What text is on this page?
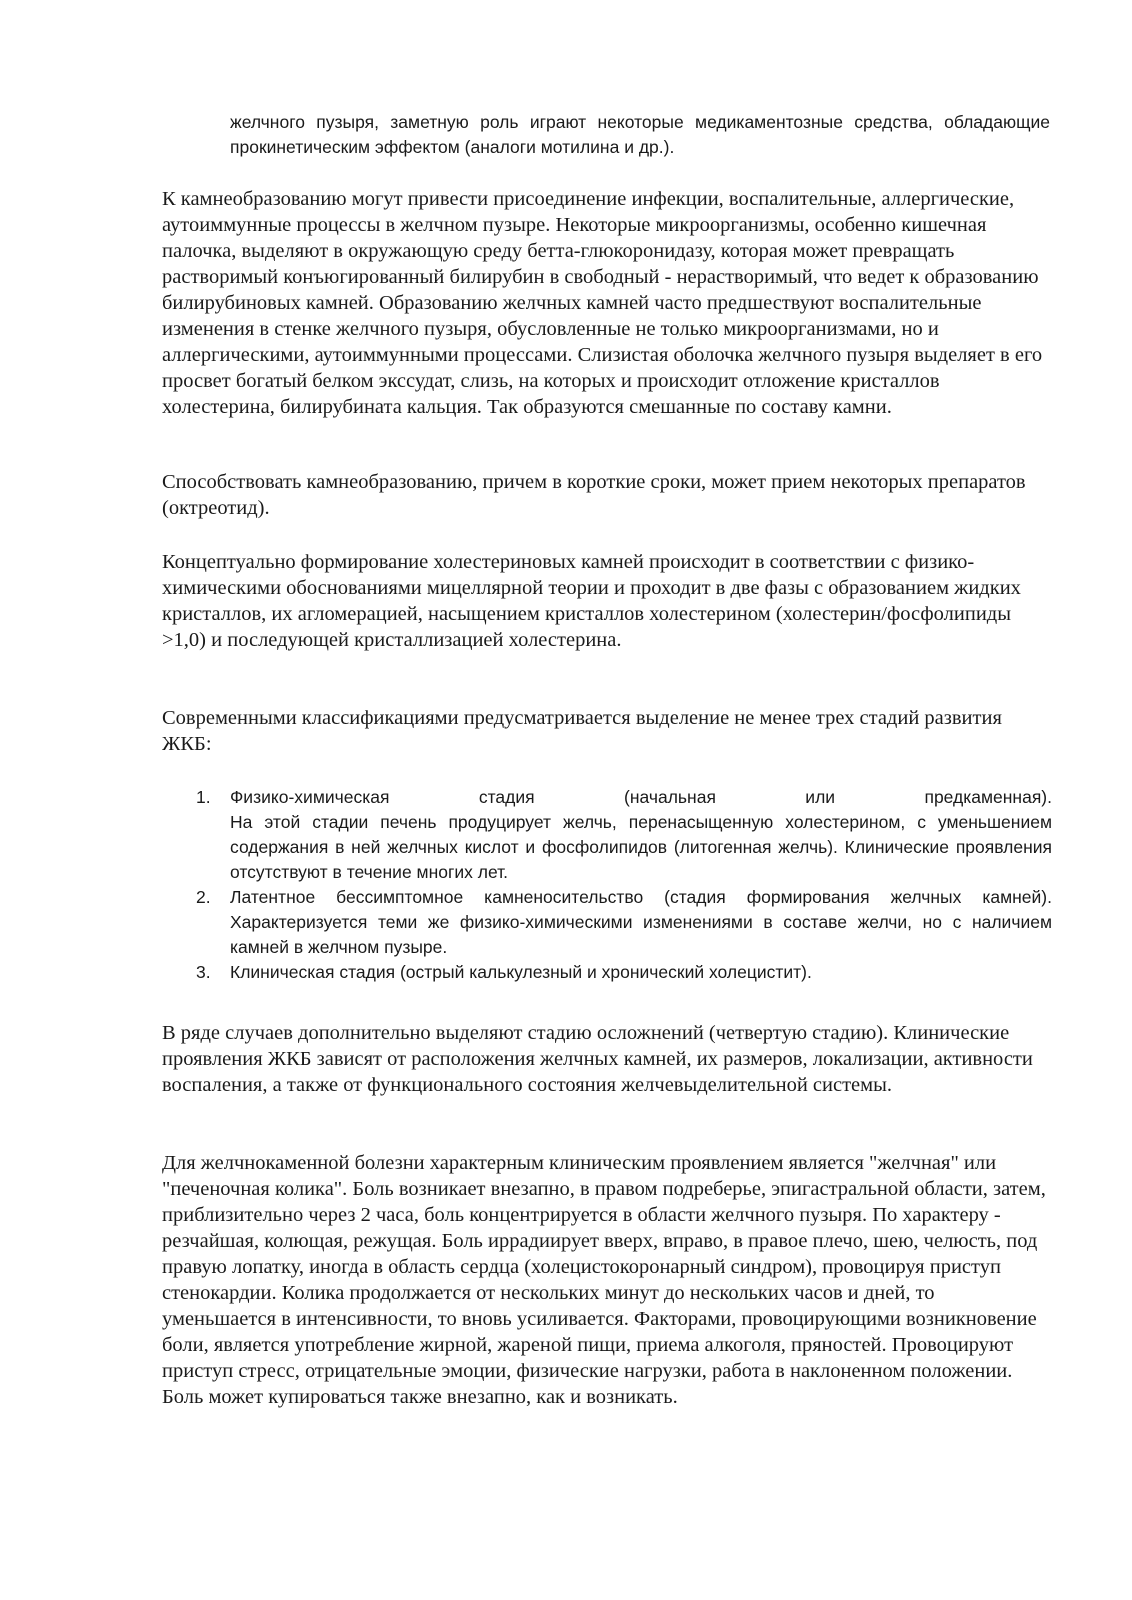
желчного пузыря, заметную роль играют некоторые медикаментозные средства, обладающие прокинетическим эффектом (аналоги мотилина и др.).

К камнеобразованию могут привести присоединение инфекции, воспалительные, аллергические, аутоиммунные процессы в желчном пузыре. Некоторые микроорганизмы, особенно кишечная палочка, выделяют в окружающую среду бетта-глюкоронидазу, которая может превращать растворимый конъюгированный билирубин в свободный - нерастворимый, что ведет к образованию билирубиновых камней. Образованию желчных камней часто предшествуют воспалительные изменения в стенке желчного пузыря, обусловленные не только микроорганизмами, но и аллергическими, аутоиммунными процессами. Слизистая оболочка желчного пузыря выделяет в его просвет богатый белком экссудат, слизь, на которых и происходит отложение кристаллов холестерина, билирубината кальция. Так образуются смешанные по составу камни.

Способствовать камнеобразованию, причем в короткие сроки, может прием некоторых препаратов (октреотид).

Концептуально формирование холестериновых камней происходит в соответствии с физико-химическими обоснованиями мицеллярной теории и проходит в две фазы с образованием жидких кристаллов, их агломерацией, насыщением кристаллов холестерином (холестерин/фосфолипиды >1,0) и последующей кристаллизацией холестерина.

Современными классификациями предусматривается выделение не менее трех стадий развития ЖКБ:

1.	Физико-химическая стадия (начальная или предкаменная).
На этой стадии печень продуцирует желчь, перенасыщенную холестерином, с уменьшением содержания в ней желчных кислот и фосфолипидов (литогенная желчь). Клинические проявления отсутствуют в течение многих лет.
2.	Латентное бессимптомное камненосительство (стадия формирования желчных камней). Характеризуется теми же физико-химическими изменениями в составе желчи, но с наличием камней в желчном пузыре.
3.	Клиническая стадия (острый калькулезный и хронический холецистит).

В ряде случаев дополнительно выделяют стадию осложнений (четвертую стадию). Клинические проявления ЖКБ зависят от расположения желчных камней, их размеров, локализации, активности воспаления, а также от функционального состояния желчевыделительной системы.

Для желчнокаменной болезни характерным клиническим проявлением является "желчная" или "печеночная колика". Боль возникает внезапно, в правом подреберье, эпигастральной области, затем, приблизительно через 2 часа, боль концентрируется в области желчного пузыря. По характеру - резчайшая, колющая, режущая. Боль иррадиирует вверх, вправо, в правое плечо, шею, челюсть, под правую лопатку, иногда в область сердца (холецистокоронарный синдром), провоцируя приступ стенокардии. Колика продолжается от нескольких минут до нескольких часов и дней, то уменьшается в интенсивности, то вновь усиливается. Факторами, провоцирующими возникновение боли, является употребление жирной, жареной пищи, приема алкоголя, пряностей. Провоцируют приступ стресс, отрицательные эмоции, физические нагрузки, работа в наклоненном положении. Боль может купироваться также внезапно, как и возникать.
